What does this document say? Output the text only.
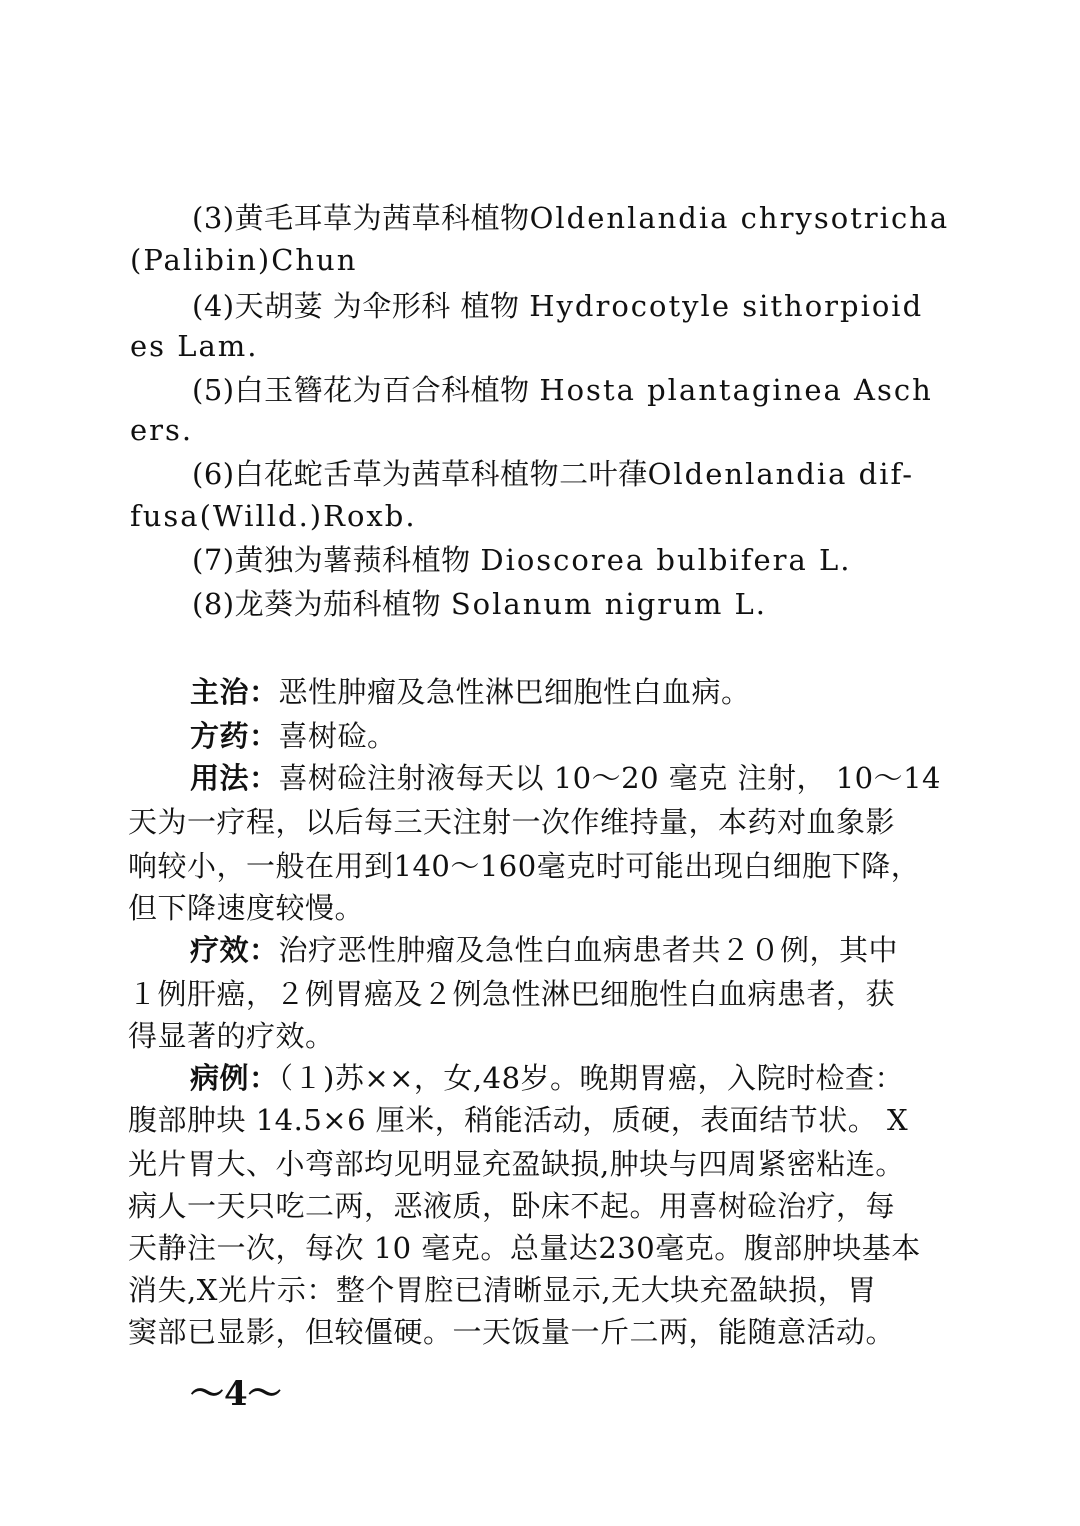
(3)黄毛耳草为茜草科植物Oldenlandia chrysotricha
(Palibin)Chun
(4)天胡荽 为伞形科 植物 Hydrocotyle sithorpioid
es Lam.
(5)白玉簪花为百合科植物 Hosta plantaginea Asch
ers.
(6)白花蛇舌草为茜草科植物二叶葎Oldenlandia dif-
fusa(Willd.)Roxb.
(7)黄独为薯蓣科植物 Dioscorea bulbifera L.
(8)龙葵为茄科植物 Solanum nigrum L.
主治：恶性肿瘤及急性淋巴细胞性白血病。
方药：喜树硷。
用法：喜树硷注射液每天以 10～20 毫克 注射， 10～14
天为一疗程，以后每三天注射一次作维持量，本药对血象影
响较小，一般在用到140～160毫克时可能出现白细胞下降，
但下降速度较慢。
疗效：治疗恶性肿瘤及急性白血病患者共２０例，其中
１例肝癌，２例胃癌及２例急性淋巴细胞性白血病患者，获
得显著的疗效。
病例：（１)苏××，女,48岁。晚期胃癌，入院时检查：
腹部肿块 14.5×6 厘米，稍能活动，质硬，表面结节状。 X
光片胃大、小弯部均见明显充盈缺损,肿块与四周紧密粘连。
病人一天只吃二两，恶液质，卧床不起。用喜树硷治疗，每
天静注一次，每次 10 毫克。总量达230毫克。腹部肿块基本
消失,X光片示：整个胃腔已清晰显示,无大块充盈缺损，胃
窦部已显影，但较僵硬。一天饭量一斤二两，能随意活动。
～4～
